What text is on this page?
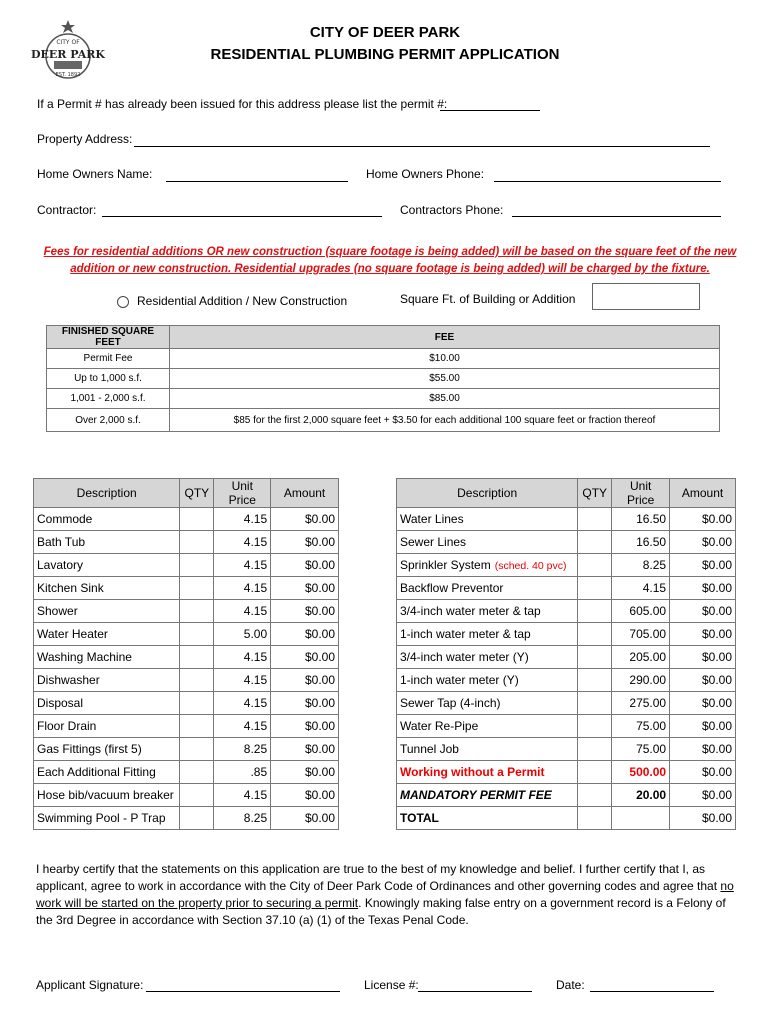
CITY OF
DEER PARK
EST. 1892
CITY OF DEER PARK
RESIDENTIAL PLUMBING PERMIT APPLICATION
If a Permit # has already been issued for this address please list the permit #:
Property Address:
Home Owners Name:	Home Owners Phone:
Contractor:	Contractors Phone:
Fees for residential additions OR new construction (square footage is being added) will be based on the square feet of the new
addition or new construction. Residential upgrades (no square footage is being added) will be charged by the fixture.
Residential Addition / New Construction	Square Ft. of Building or Addition
FINISHED SQUARE FEET	FEE
Permit Fee	$10.00
Up to 1,000 s.f.	$55.00
1,001 - 2,000 s.f.	$85.00
Over 2,000 s.f.	$85 for the first 2,000 square feet + $3.50 for each additional 100 square feet or fraction thereof
Description	QTY	Unit Price	Amount
Commode		4.15	$0.00
Bath Tub		4.15	$0.00
Lavatory		4.15	$0.00
Kitchen Sink		4.15	$0.00
Shower		4.15	$0.00
Water Heater		5.00	$0.00
Washing Machine		4.15	$0.00
Dishwasher		4.15	$0.00
Disposal		4.15	$0.00
Floor Drain		4.15	$0.00
Gas Fittings (first 5)		8.25	$0.00
Each Additional Fitting		.85	$0.00
Hose bib/vacuum breaker		4.15	$0.00
Swimming Pool - P Trap		8.25	$0.00
Description	QTY	Unit Price	Amount
Water Lines		16.50	$0.00
Sewer Lines		16.50	$0.00
Sprinkler System (sched. 40 pvc)		8.25	$0.00
Backflow Preventor		4.15	$0.00
3/4-inch water meter & tap		605.00	$0.00
1-inch water meter & tap		705.00	$0.00
3/4-inch water meter (Y)		205.00	$0.00
1-inch water meter (Y)		290.00	$0.00
Sewer Tap (4-inch)		275.00	$0.00
Water Re-Pipe		75.00	$0.00
Tunnel Job		75.00	$0.00
Working without a Permit		500.00	$0.00
MANDATORY PERMIT FEE		20.00	$0.00
TOTAL			$0.00
I hearby certify that the statements on this application are true to the best of my knowledge and belief. I further certify that I, as applicant, agree to work in accordance with the City of Deer Park Code of Ordinances and other governing codes and agree that no work will be started on the property prior to securing a permit. Knowingly making false entry on a government record is a Felony of the 3rd Degree in accordance with Section 37.10 (a) (1) of the Texas Penal Code.
Applicant Signature:	License #:	Date:
